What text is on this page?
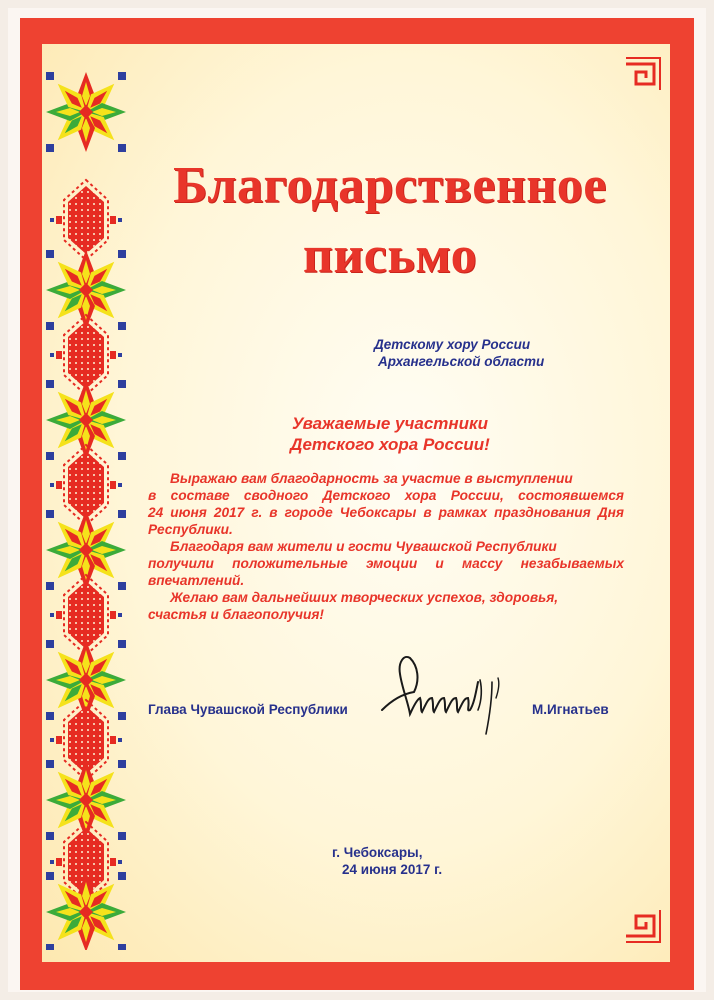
Благодарственное
письмо
Детскому хору России
Архангельской области
Уважаемые участники
Детского хора России!
Выражаю вам благодарность за участие в выступлении
в составе сводного Детского хора России, состоявшемся
24 июня 2017 г. в городе Чебоксары в рамках празднования Дня
Республики.
Благодаря вам жители и гости Чувашской Республики
получили положительные эмоции и массу незабываемых
впечатлений.
Желаю вам дальнейших творческих успехов, здоровья,
счастья и благополучия!
Глава Чувашской Республики	М.Игнатьев
г. Чебоксары,
24 июня 2017 г.
